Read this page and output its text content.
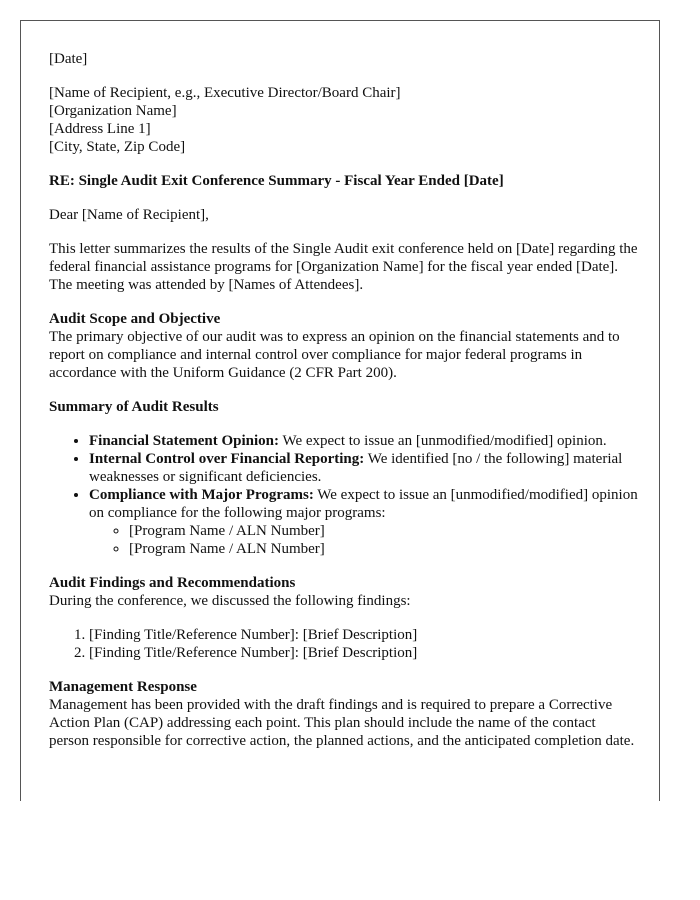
[Date]

[Name of Recipient, e.g., Executive Director/Board Chair]

[Organization Name]

[Address Line 1]

[City, State, Zip Code]

RE: Single Audit Exit Conference Summary - Fiscal Year Ended [Date]

Dear [Name of Recipient],

This letter summarizes the results of the Single Audit exit conference held on [Date] regarding the federal financial assistance programs for [Organization Name] for the fiscal year ended [Date]. The meeting was attended by [Names of Attendees].

Audit Scope and Objective

The primary objective of our audit was to express an opinion on the financial statements and to report on compliance and internal control over compliance for major federal programs in accordance with the Uniform Guidance (2 CFR Part 200).

Summary of Audit Results

• Financial Statement Opinion: We expect to issue an [unmodified/modified] opinion.
• Internal Control over Financial Reporting: We identified [no / the following] material weaknesses or significant deficiencies.
• Compliance with Major Programs: We expect to issue an [unmodified/modified] opinion on compliance for the following major programs:
◦ [Program Name / ALN Number]
◦ [Program Name / ALN Number]

Audit Findings and Recommendations

During the conference, we discussed the following findings:

1. [Finding Title/Reference Number]: [Brief Description]
2. [Finding Title/Reference Number]: [Brief Description]

Management Response

Management has been provided with the draft findings and is required to prepare a Corrective Action Plan (CAP) addressing each point. This plan should include the name of the contact person responsible for corrective action, the planned actions, and the anticipated completion date.
